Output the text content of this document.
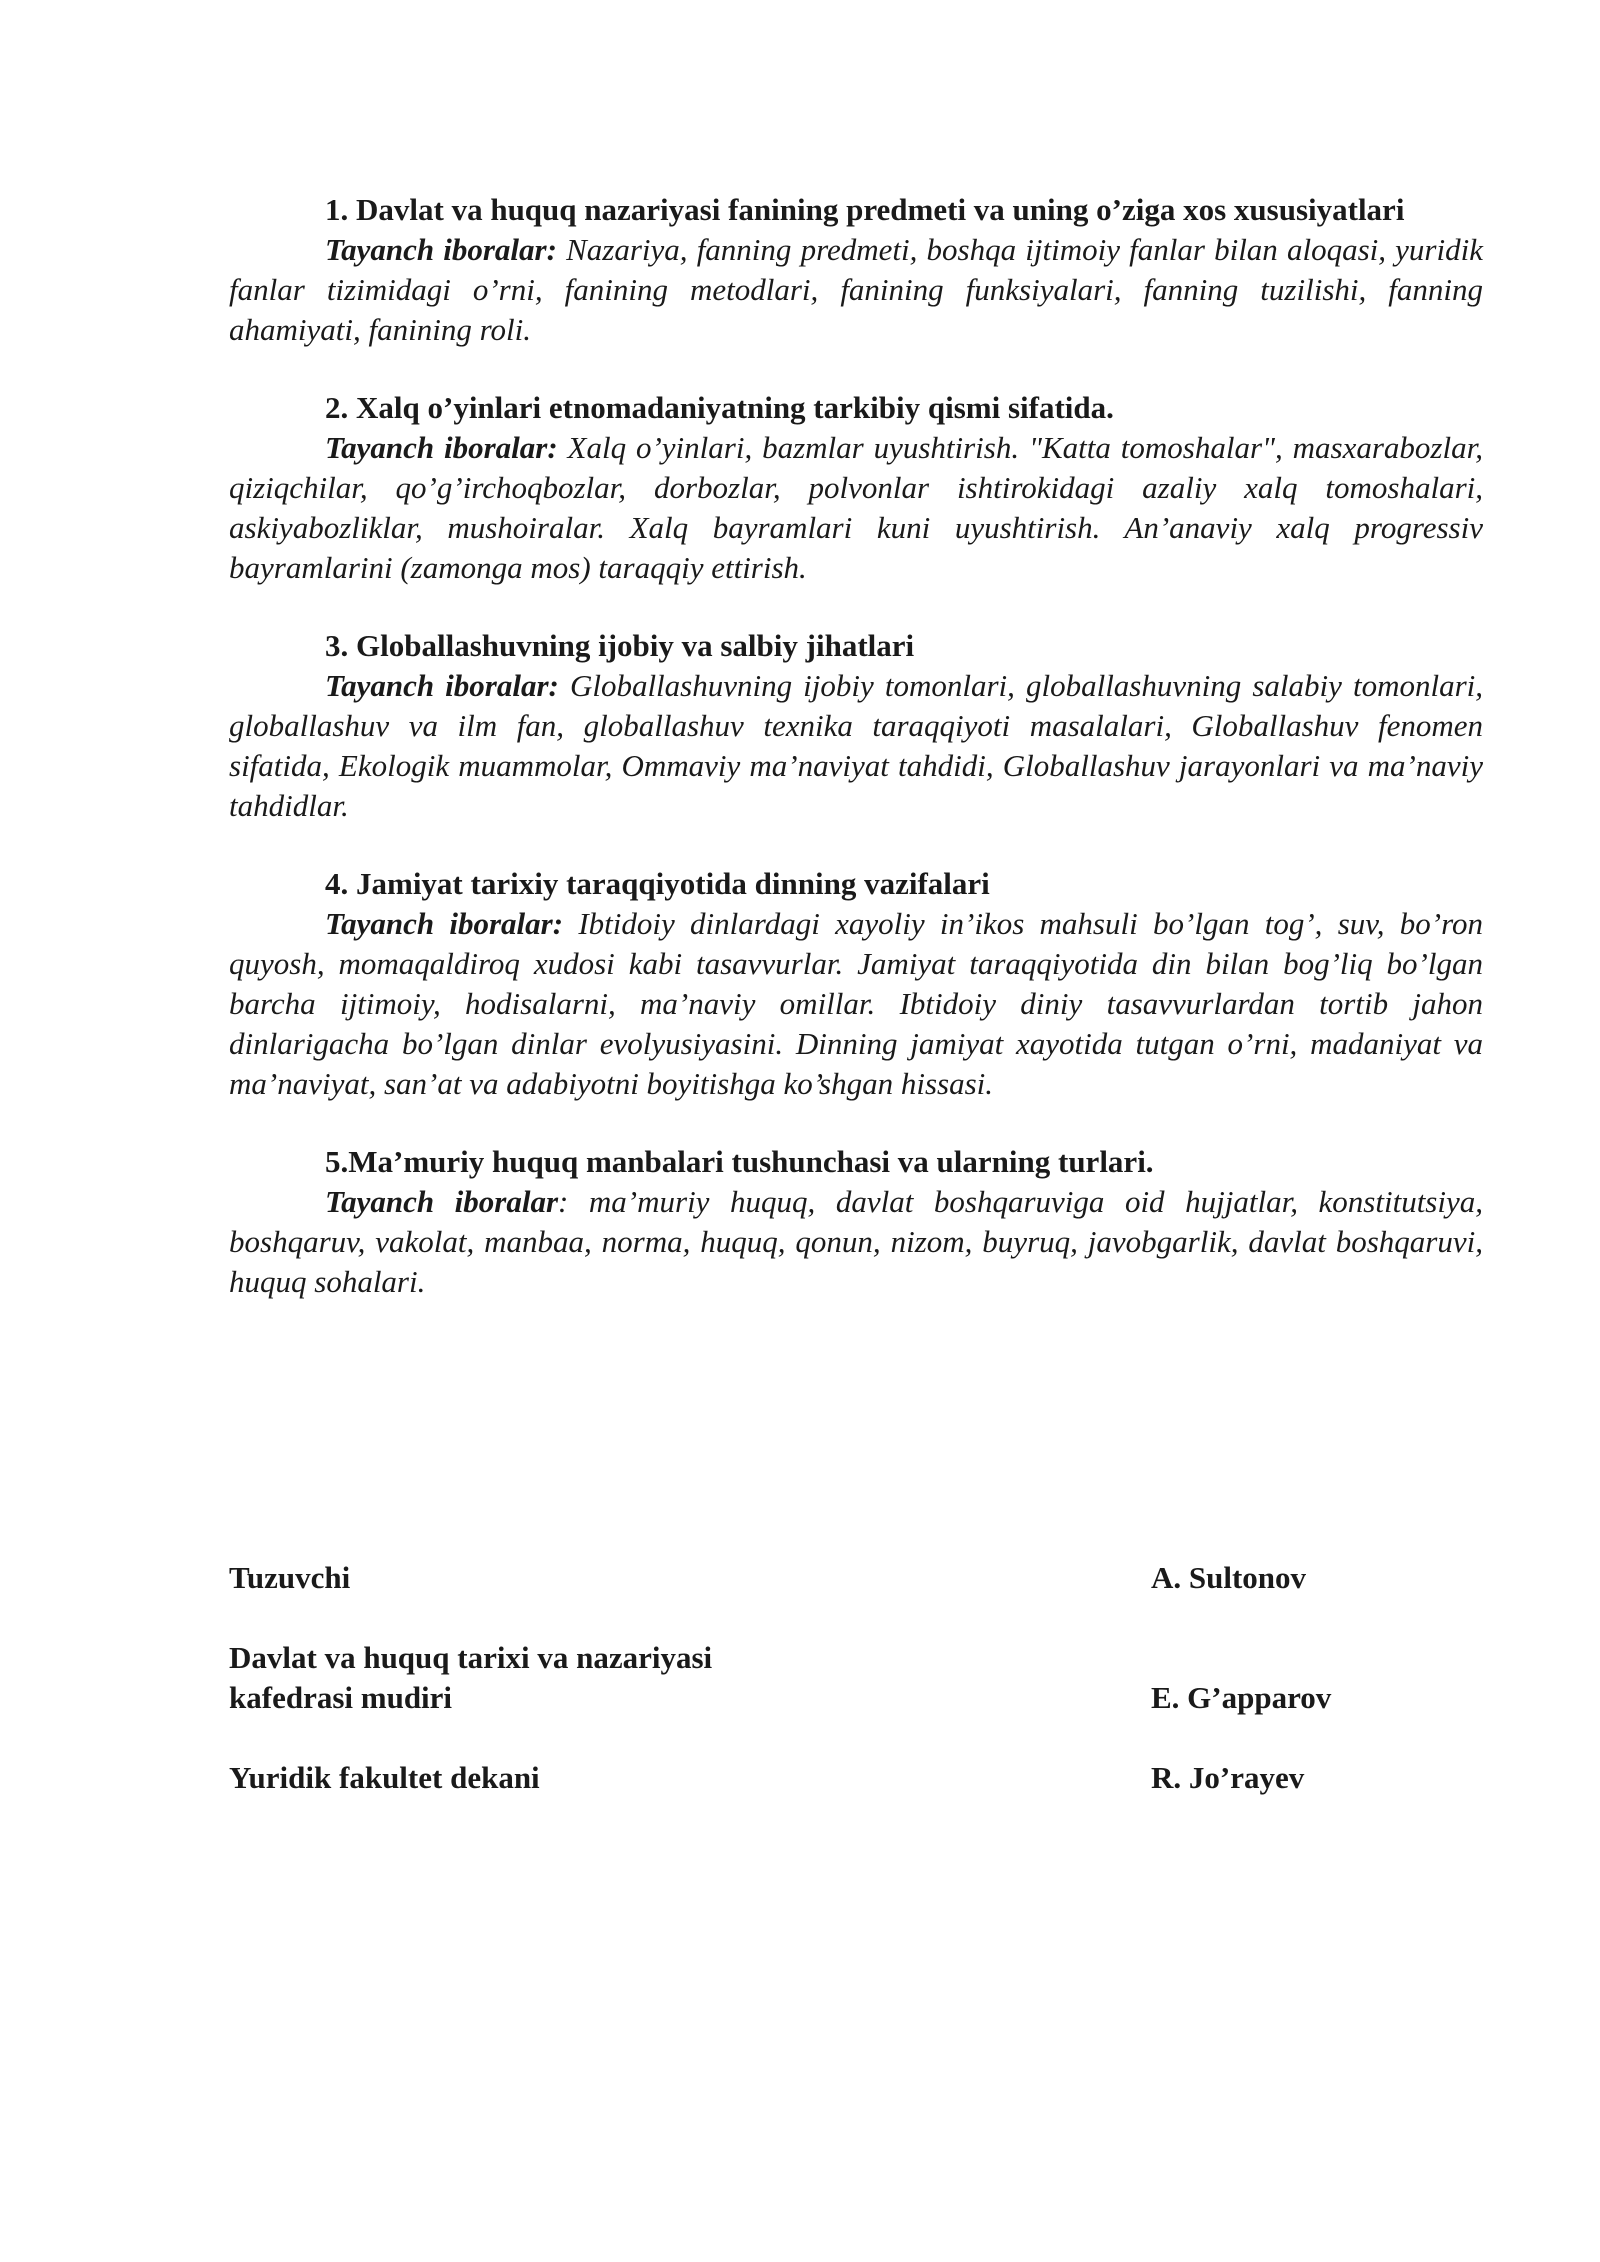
1. Davlat va huquq nazariyasi fanining predmeti va uning o’ziga xos xususiyatlari

Tayanch iboralar: Nazariya, fanning predmeti, boshqa ijtimoiy fanlar bilan aloqasi, yuridik fanlar tizimidagi o’rni, fanining metodlari, fanining funksiyalari, fanning tuzilishi, fanning ahamiyati, fanining roli.

2. Xalq o’yinlari etnomadaniyatning tarkibiy qismi sifatida.

Tayanch iboralar: Xalq o’yinlari, bazmlar uyushtirish. "Katta tomoshalar", masxarabozlar, qiziqchilar, qo’g’irchoqbozlar, dorbozlar, polvonlar ishtirokidagi azaliy xalq tomoshalari, askiyabozliklar, mushoiralar. Xalq bayramlari kuni uyushtirish. An’anaviy xalq progressiv bayramlarini (zamonga mos) taraqqiy ettirish.

3. Globallashuvning ijobiy va salbiy jihatlari

Tayanch iboralar: Globallashuvning ijobiy tomonlari, globallashuvning salabiy tomonlari, globallashuv va ilm fan, globallashuv texnika taraqqiyoti masalalari, Globallashuv fenomen sifatida, Ekologik muammolar, Ommaviy ma’naviyat tahdidi, Globallashuv jarayonlari va ma’naviy tahdidlar.

4. Jamiyat tarixiy taraqqiyotida dinning vazifalari

Tayanch iboralar: Ibtidoiy dinlardagi xayoliy in’ikos mahsuli bo’lgan tog’, suv, bo’ron quyosh, momaqaldiroq xudosi kabi tasavvurlar. Jamiyat taraqqiyotida din bilan bog’liq bo’lgan barcha ijtimoiy, hodisalarni, ma’naviy omillar. Ibtidoiy diniy tasavvurlardan tortib jahon dinlarigacha bo’lgan dinlar evolyusiyasini. Dinning jamiyat xayotida tutgan o’rni, madaniyat va ma’naviyat, san’at va adabiyotni boyitishga ko’shgan hissasi.

5.Ma’muriy huquq manbalari tushunchasi va ularning turlari.

Tayanch iboralar: ma’muriy huquq, davlat boshqaruviga oid hujjatlar, konstitutsiya, boshqaruv, vakolat, manbaa, norma, huquq, qonun, nizom, buyruq, javobgarlik, davlat boshqaruvi, huquq sohalari.

Tuzuvchi	A. Sultonov
Davlat va huquq tarixi va nazariyasi
kafedrasi mudiri	E. G’apparov
Yuridik fakultet dekani	R. Jo’rayev
